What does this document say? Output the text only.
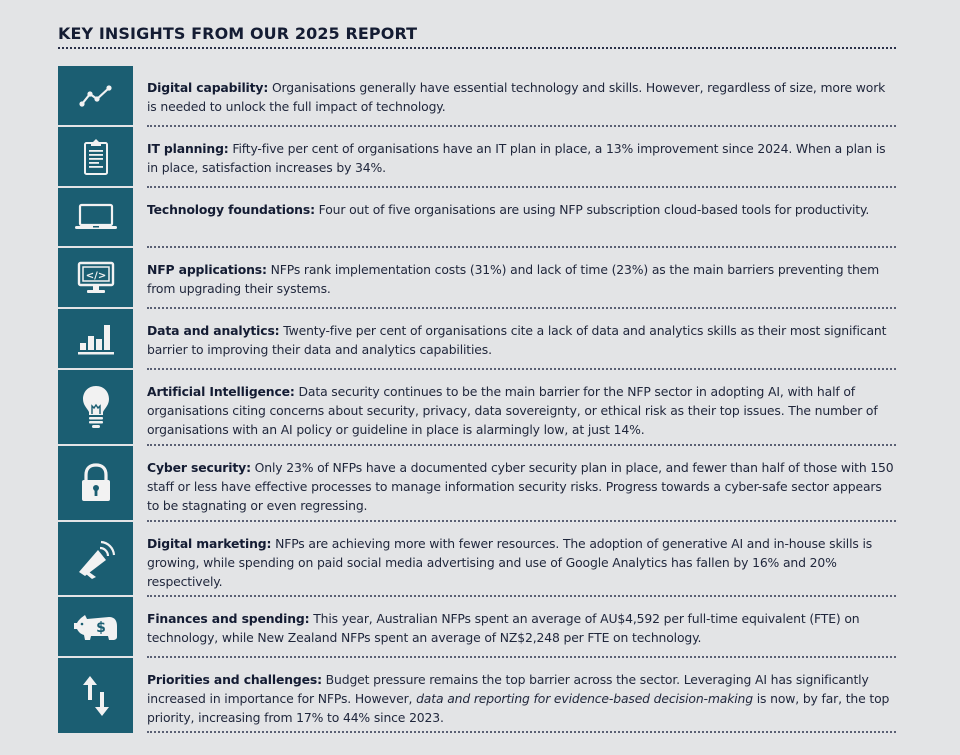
KEY INSIGHTS FROM OUR 2025 REPORT
Digital capability: Organisations generally have essential technology and skills. However, regardless of size, more work is needed to unlock the full impact of technology.
IT planning: Fifty-five per cent of organisations have an IT plan in place, a 13% improvement since 2024. When a plan is in place, satisfaction increases by 34%.
Technology foundations: Four out of five organisations are using NFP subscription cloud-based tools for productivity.
</>	NFP applications: NFPs rank implementation costs (31%) and lack of time (23%) as the main barriers preventing them from upgrading their systems.
Data and analytics: Twenty-five per cent of organisations cite a lack of data and analytics skills as their most significant barrier to improving their data and analytics capabilities.
Artificial Intelligence: Data security continues to be the main barrier for the NFP sector in adopting AI, with half of organisations citing concerns about security, privacy, data sovereignty, or ethical risk as their top issues. The number of organisations with an AI policy or guideline in place is alarmingly low, at just 14%.
Cyber security: Only 23% of NFPs have a documented cyber security plan in place, and fewer than half of those with 150 staff or less have effective processes to manage information security risks. Progress towards a cyber-safe sector appears to be stagnating or even regressing.
Digital marketing: NFPs are achieving more with fewer resources. The adoption of generative AI and in-house skills is growing, while spending on paid social media advertising and use of Google Analytics has fallen by 16% and 20% respectively.
$
Finances and spending: This year, Australian NFPs spent an average of AU$4,592 per full-time equivalent (FTE) on technology, while New Zealand NFPs spent an average of NZ$2,248 per FTE on technology.
Priorities and challenges: Budget pressure remains the top barrier across the sector. Leveraging AI has significantly increased in importance for NFPs. However, data and reporting for evidence-based decision-making is now, by far, the top priority, increasing from 17% to 44% since 2023.
